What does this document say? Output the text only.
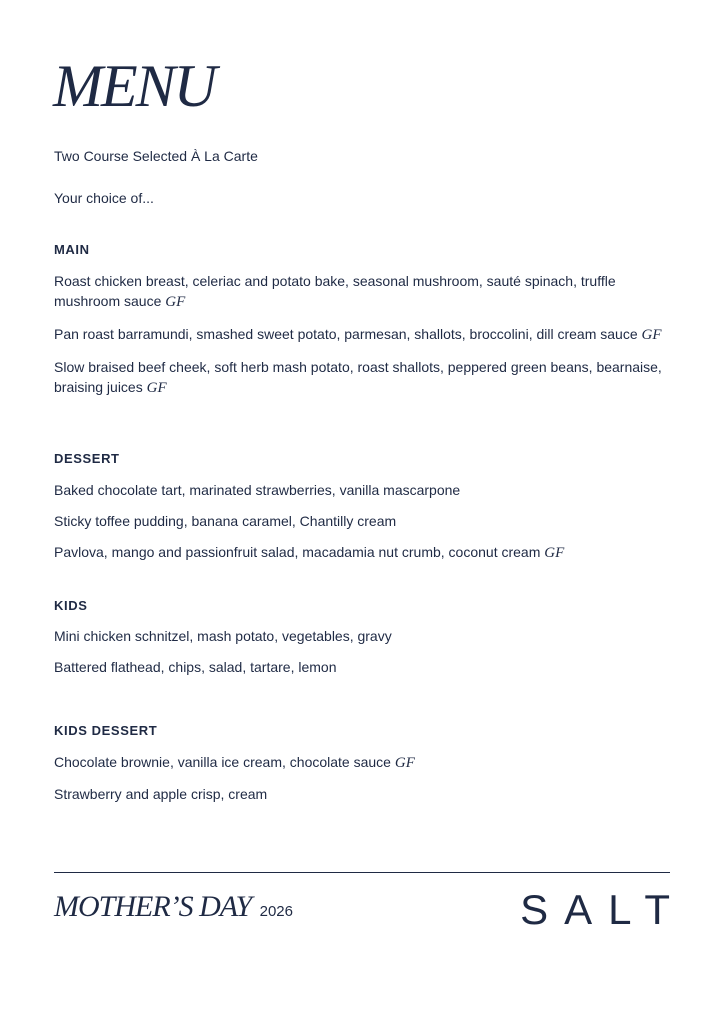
MENU
Two Course Selected À La Carte
Your choice of...
MAIN

Roast chicken breast, celeriac and potato bake, seasonal mushroom, sauté spinach, truffle mushroom sauce GF

Pan roast barramundi, smashed sweet potato, parmesan, shallots, broccolini, dill cream sauce GF

Slow braised beef cheek, soft herb mash potato, roast shallots, peppered green beans, bearnaise, braising juices GF

DESSERT

Baked chocolate tart, marinated strawberries, vanilla mascarpone

Sticky toffee pudding, banana caramel, Chantilly cream

Pavlova, mango and passionfruit salad, macadamia nut crumb, coconut cream GF

KIDS

Mini chicken schnitzel, mash potato, vegetables, gravy

Battered flathead, chips, salad, tartare, lemon

KIDS DESSERT

Chocolate brownie, vanilla ice cream, chocolate sauce GF

Strawberry and apple crisp, cream

MOTHER’S DAY 2026	SALT
